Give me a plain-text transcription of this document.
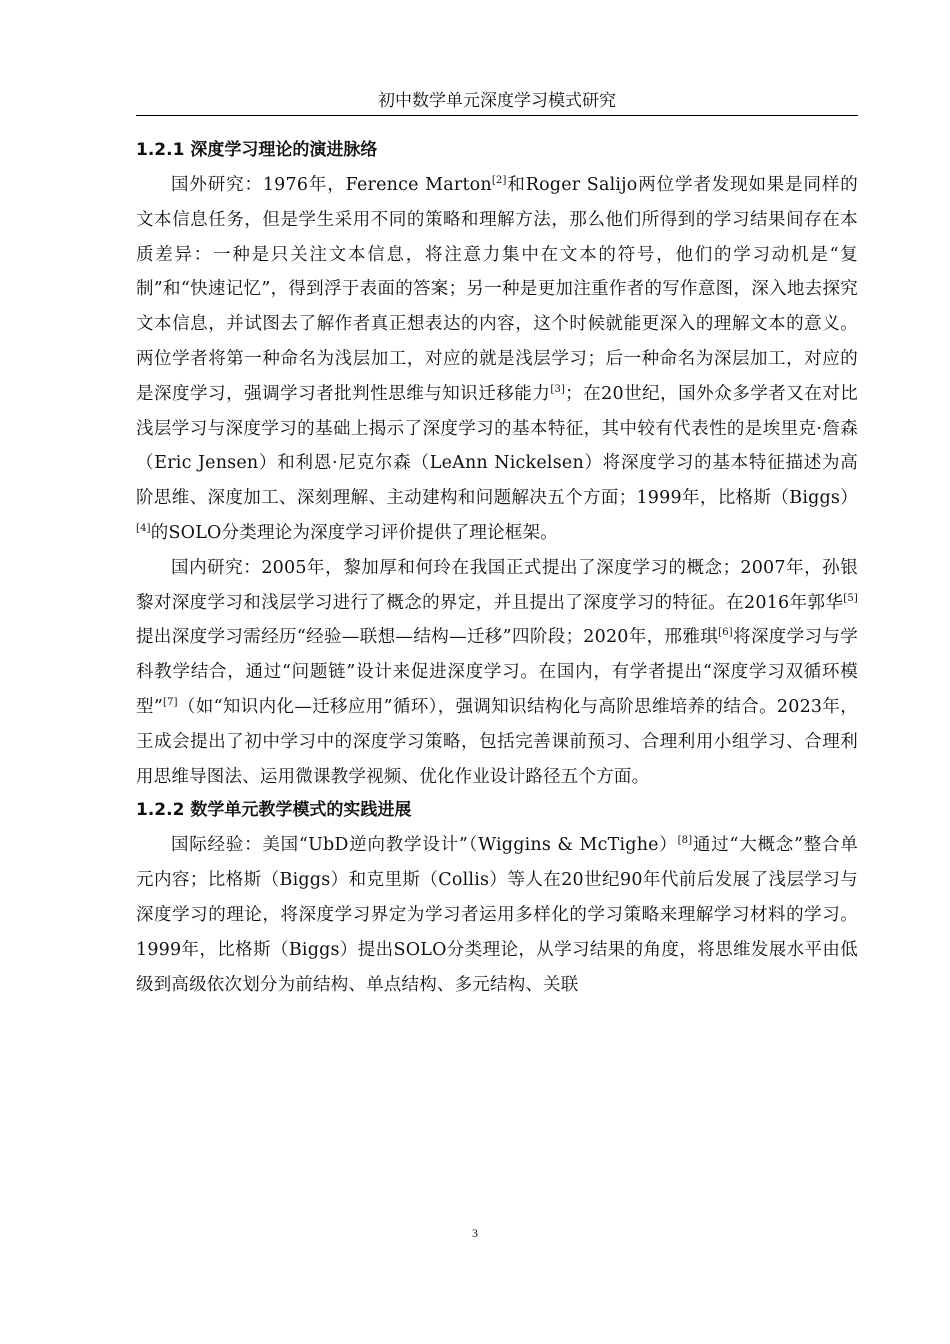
初中数学单元深度学习模式研究
1.2.1 深度学习理论的演进脉络

国外研究：1976年，Ference Marton[2]和Roger Salijo两位学者发现如果是同样的文本信息任务，但是学生采用不同的策略和理解方法，那么他们所得到的学习结果间存在本质差异：一种是只关注文本信息，将注意力集中在文本的符号，他们的学习动机是“复制”和“快速记忆”，得到浮于表面的答案；另一种是更加注重作者的写作意图，深入地去探究文本信息，并试图去了解作者真正想表达的内容，这个时候就能更深入的理解文本的意义。两位学者将第一种命名为浅层加工，对应的就是浅层学习；后一种命名为深层加工，对应的是深度学习，强调学习者批判性思维与知识迁移能力[3]；在20世纪，国外众多学者又在对比浅层学习与深度学习的基础上揭示了深度学习的基本特征，其中较有代表性的是埃里克·詹森（Eric Jensen）和利恩·尼克尔森（LeAnn Nickelsen）将深度学习的基本特征描述为高阶思维、深度加工、深刻理解、主动建构和问题解决五个方面；1999年，比格斯（Biggs）[4]的SOLO分类理论为深度学习评价提供了理论框架。

国内研究：2005年，黎加厚和何玲在我国正式提出了深度学习的概念；2007年，孙银黎对深度学习和浅层学习进行了概念的界定，并且提出了深度学习的特征。在2016年郭华[5]提出深度学习需经历“经验—联想—结构—迁移”四阶段；2020年，邢雅琪[6]将深度学习与学科教学结合，通过“问题链”设计来促进深度学习。在国内，有学者提出“深度学习双循环模型”[7]（如“知识内化—迁移应用”循环），强调知识结构化与高阶思维培养的结合。2023年，王成会提出了初中学习中的深度学习策略，包括完善课前预习、合理利用小组学习、合理利用思维导图法、运用微课教学视频、优化作业设计路径五个方面。

1.2.2 数学单元教学模式的实践进展

国际经验：美国“UbD逆向教学设计”（Wiggins & McTighe）[8]通过“大概念”整合单元内容；比格斯（Biggs）和克里斯（Collis）等人在20世纪90年代前后发展了浅层学习与深度学习的理论，将深度学习界定为学习者运用多样化的学习策略来理解学习材料的学习。1999年，比格斯（Biggs）提出SOLO分类理论，从学习结果的角度，将思维发展水平由低级到高级依次划分为前结构、单点结构、多元结构、关联

3
